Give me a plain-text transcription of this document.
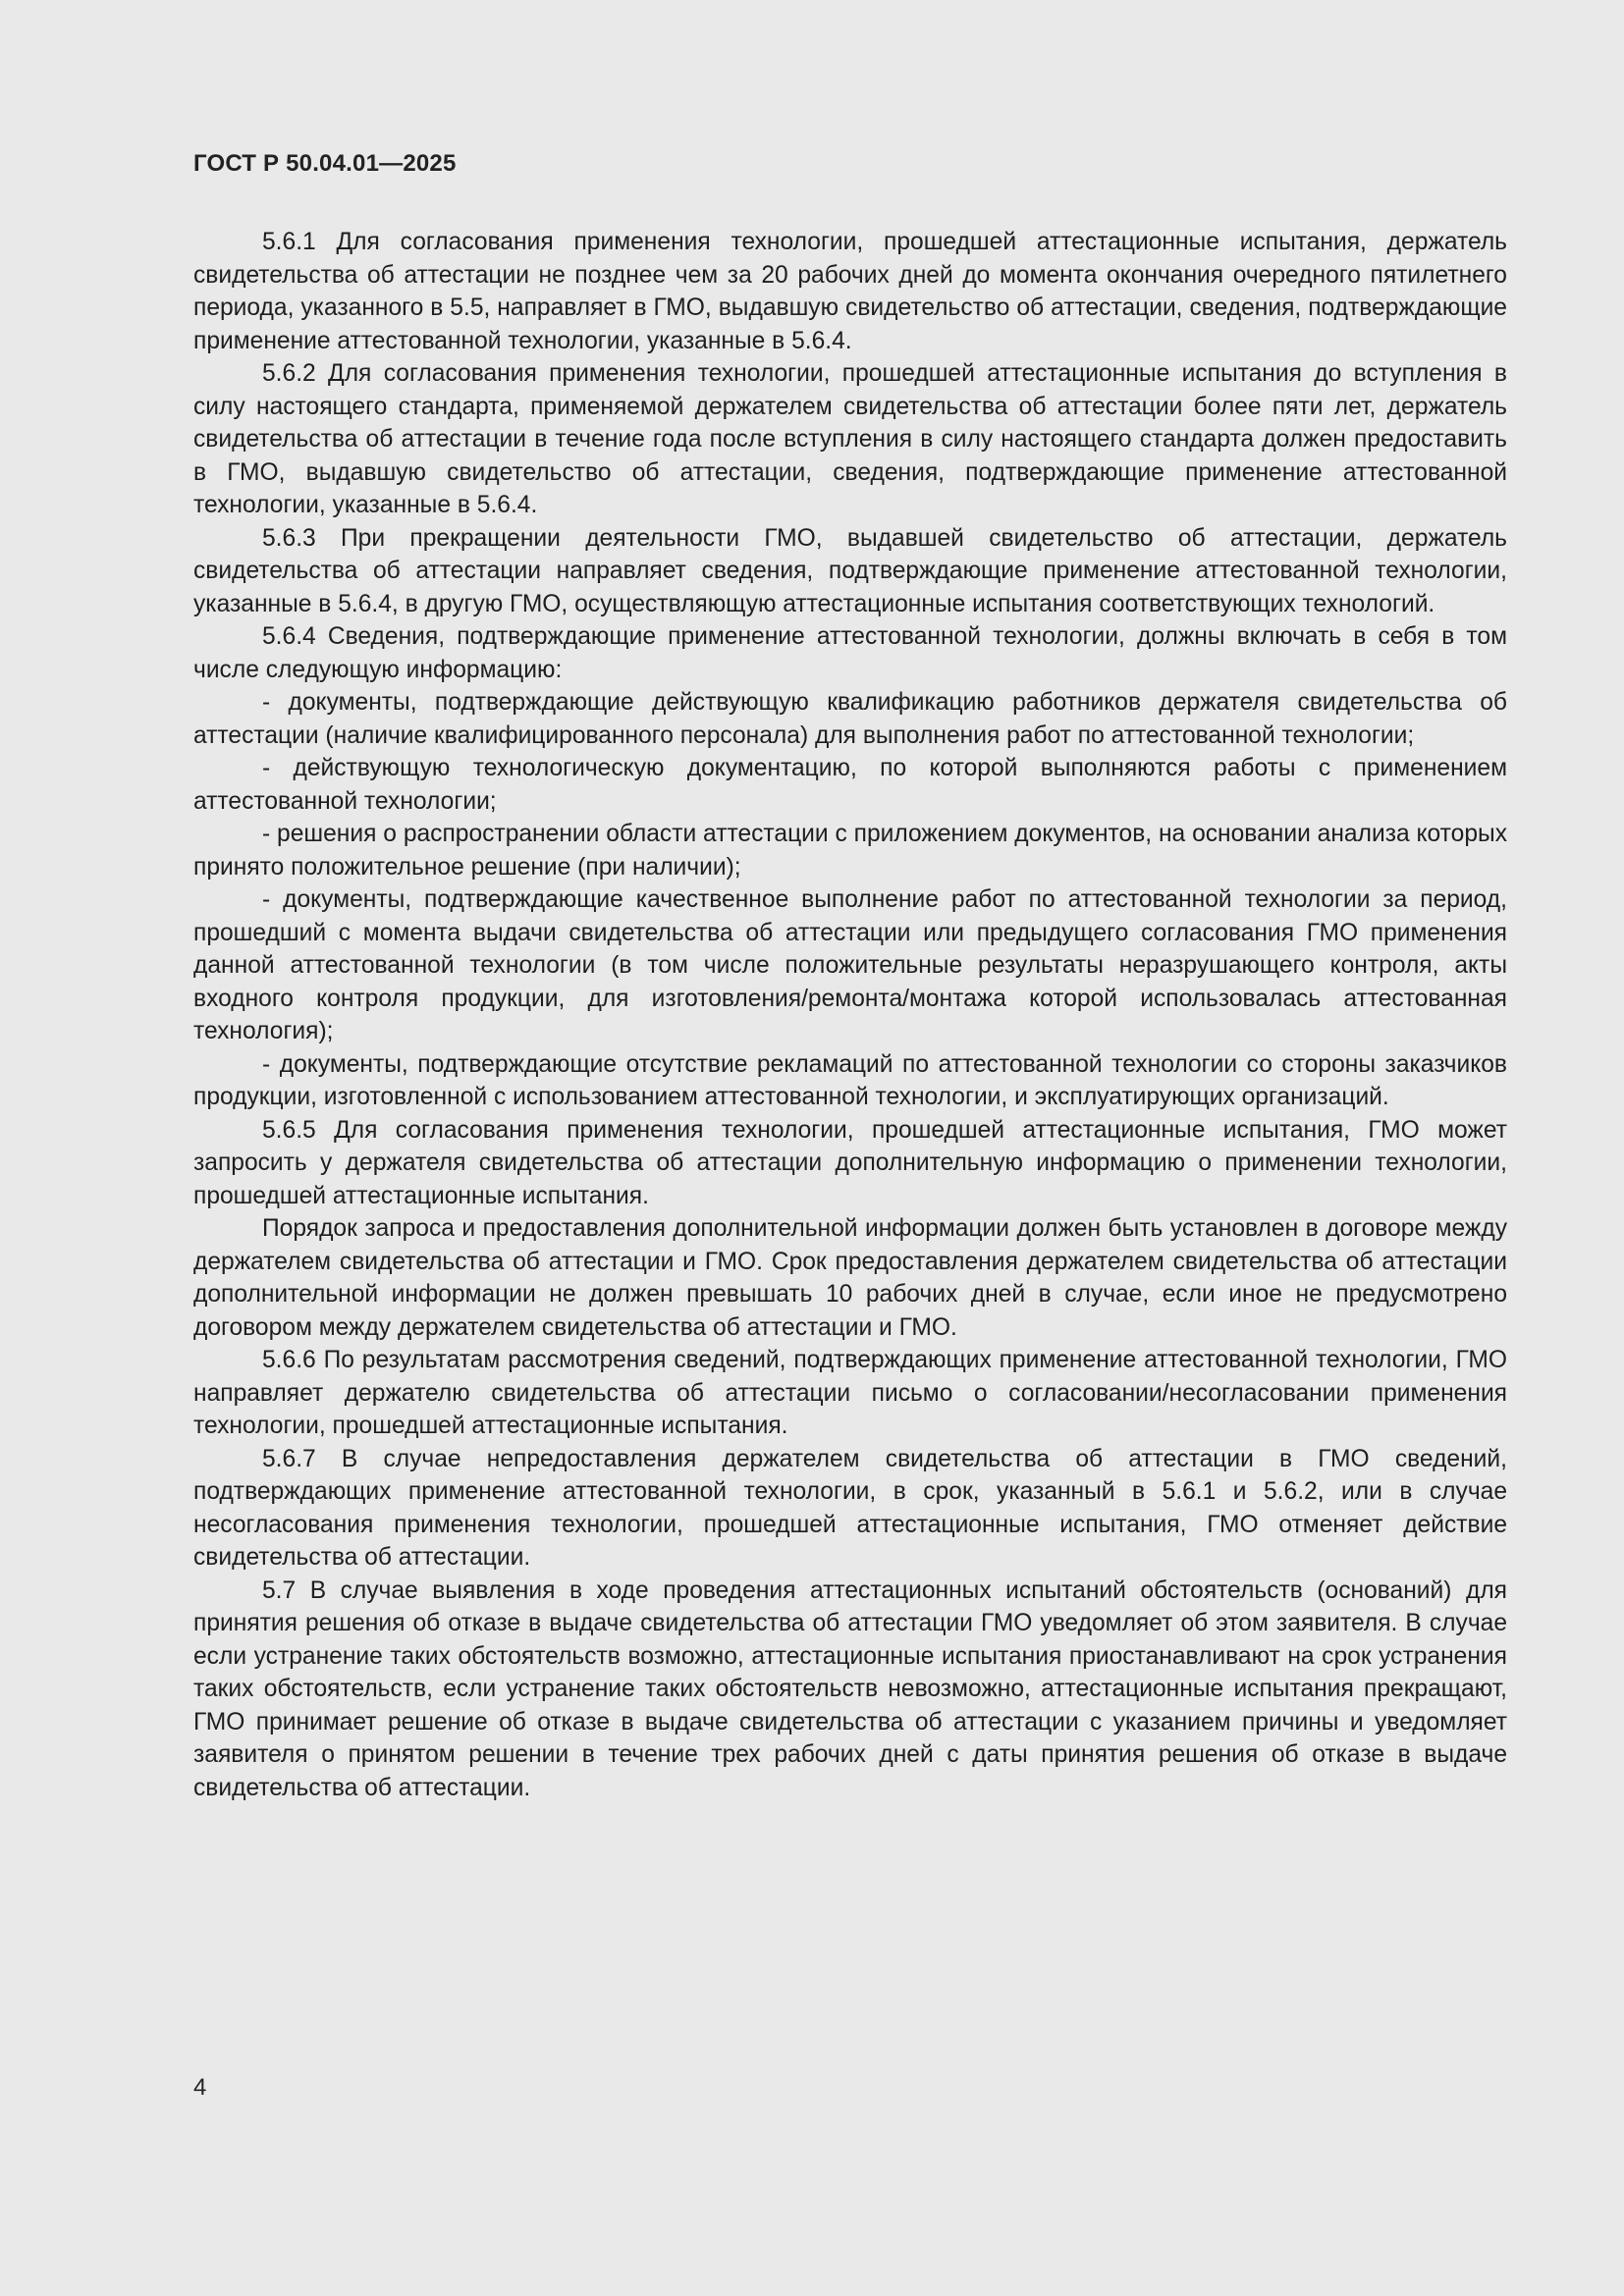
ГОСТ Р 50.04.01—2025

5.6.1 Для согласования применения технологии, прошедшей аттестационные испытания, держатель свидетельства об аттестации не позднее чем за 20 рабочих дней до момента окончания очередного пятилетнего периода, указанного в 5.5, направляет в ГМО, выдавшую свидетельство об аттестации, сведения, подтверждающие применение аттестованной технологии, указанные в 5.6.4.

5.6.2 Для согласования применения технологии, прошедшей аттестационные испытания до вступления в силу настоящего стандарта, применяемой держателем свидетельства об аттестации более пяти лет, держатель свидетельства об аттестации в течение года после вступления в силу настоящего стандарта должен предоставить в ГМО, выдавшую свидетельство об аттестации, сведения, подтверждающие применение аттестованной технологии, указанные в 5.6.4.

5.6.3 При прекращении деятельности ГМО, выдавшей свидетельство об аттестации, держатель свидетельства об аттестации направляет сведения, подтверждающие применение аттестованной технологии, указанные в 5.6.4, в другую ГМО, осуществляющую аттестационные испытания соответствующих технологий.

5.6.4 Сведения, подтверждающие применение аттестованной технологии, должны включать в себя в том числе следующую информацию:

- документы, подтверждающие действующую квалификацию работников держателя свидетельства об аттестации (наличие квалифицированного персонала) для выполнения работ по аттестованной технологии;

- действующую технологическую документацию, по которой выполняются работы с применением аттестованной технологии;

- решения о распространении области аттестации с приложением документов, на основании анализа которых принято положительное решение (при наличии);

- документы, подтверждающие качественное выполнение работ по аттестованной технологии за период, прошедший с момента выдачи свидетельства об аттестации или предыдущего согласования ГМО применения данной аттестованной технологии (в том числе положительные результаты неразрушающего контроля, акты входного контроля продукции, для изготовления/ремонта/монтажа которой использовалась аттестованная технология);

- документы, подтверждающие отсутствие рекламаций по аттестованной технологии со стороны заказчиков продукции, изготовленной с использованием аттестованной технологии, и эксплуатирующих организаций.

5.6.5 Для согласования применения технологии, прошедшей аттестационные испытания, ГМО может запросить у держателя свидетельства об аттестации дополнительную информацию о применении технологии, прошедшей аттестационные испытания.

Порядок запроса и предоставления дополнительной информации должен быть установлен в договоре между держателем свидетельства об аттестации и ГМО. Срок предоставления держателем свидетельства об аттестации дополнительной информации не должен превышать 10 рабочих дней в случае, если иное не предусмотрено договором между держателем свидетельства об аттестации и ГМО.

5.6.6 По результатам рассмотрения сведений, подтверждающих применение аттестованной технологии, ГМО направляет держателю свидетельства об аттестации письмо о согласовании/несогласовании применения технологии, прошедшей аттестационные испытания.

5.6.7 В случае непредоставления держателем свидетельства об аттестации в ГМО сведений, подтверждающих применение аттестованной технологии, в срок, указанный в 5.6.1 и 5.6.2, или в случае несогласования применения технологии, прошедшей аттестационные испытания, ГМО отменяет действие свидетельства об аттестации.

5.7 В случае выявления в ходе проведения аттестационных испытаний обстоятельств (оснований) для принятия решения об отказе в выдаче свидетельства об аттестации ГМО уведомляет об этом заявителя. В случае если устранение таких обстоятельств возможно, аттестационные испытания приостанавливают на срок устранения таких обстоятельств, если устранение таких обстоятельств невозможно, аттестационные испытания прекращают, ГМО принимает решение об отказе в выдаче свидетельства об аттестации с указанием причины и уведомляет заявителя о принятом решении в течение трех рабочих дней с даты принятия решения об отказе в выдаче свидетельства об аттестации.

4
